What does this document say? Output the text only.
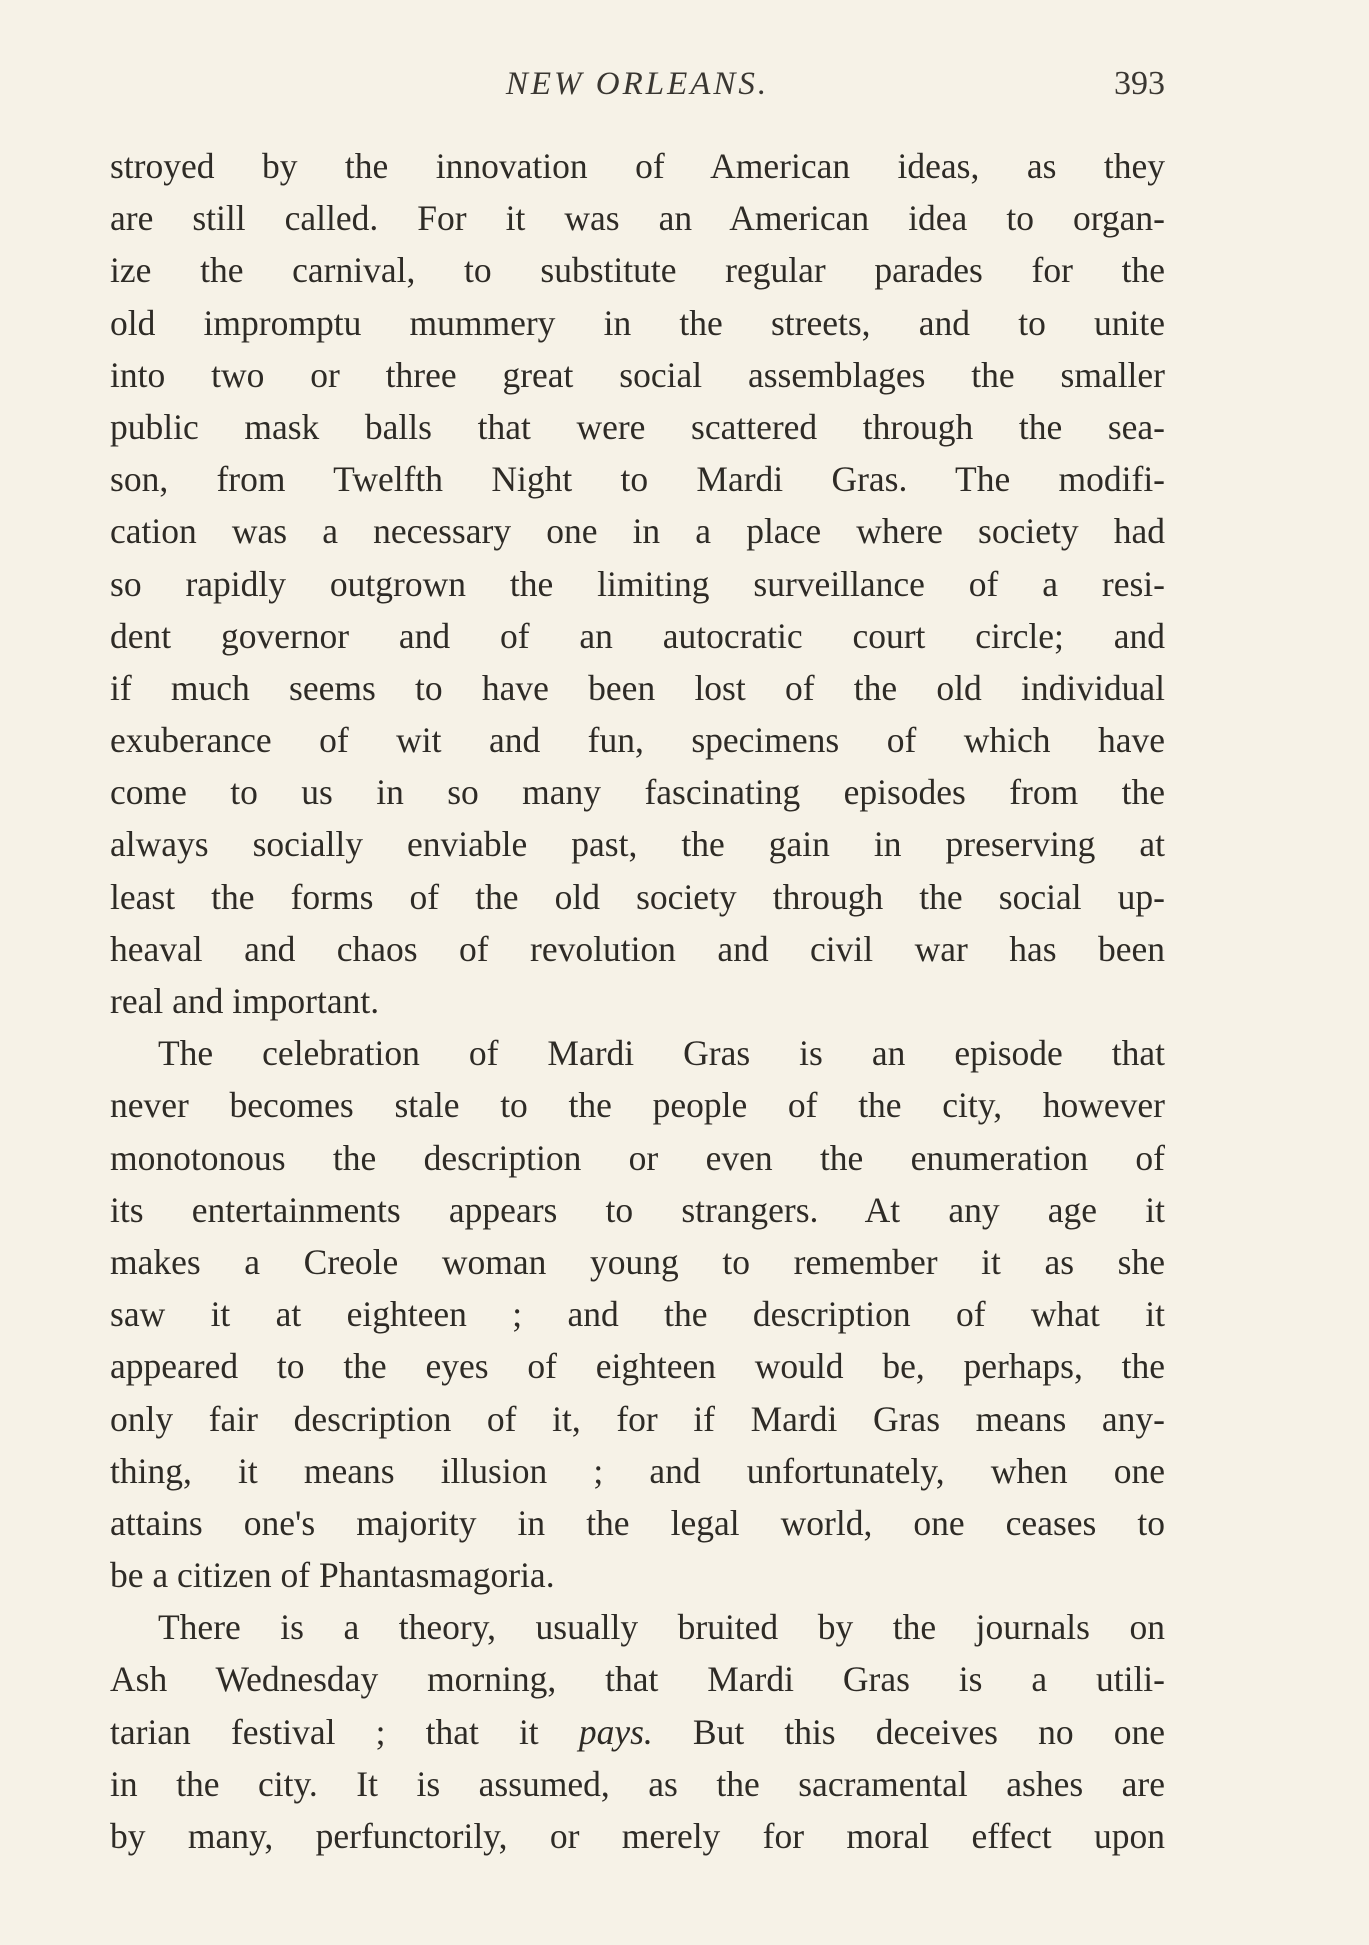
NEW ORLEANS.	393
stroyed by the innovation of American ideas, as they
are still called. For it was an American idea to organ-
ize the carnival, to substitute regular parades for the
old impromptu mummery in the streets, and to unite
into two or three great social assemblages the smaller
public mask balls that were scattered through the sea-
son, from Twelfth Night to Mardi Gras. The modifi-
cation was a necessary one in a place where society had
so rapidly outgrown the limiting surveillance of a resi-
dent governor and of an autocratic court circle; and
if much seems to have been lost of the old individual
exuberance of wit and fun, specimens of which have
come to us in so many fascinating episodes from the
always socially enviable past, the gain in preserving at
least the forms of the old society through the social up-
heaval and chaos of revolution and civil war has been
real and important.
The celebration of Mardi Gras is an episode that
never becomes stale to the people of the city, however
monotonous the description or even the enumeration of
its entertainments appears to strangers. At any age it
makes a Creole woman young to remember it as she
saw it at eighteen ; and the description of what it
appeared to the eyes of eighteen would be, perhaps, the
only fair description of it, for if Mardi Gras means any-
thing, it means illusion ; and unfortunately, when one
attains one's majority in the legal world, one ceases to
be a citizen of Phantasmagoria.
There is a theory, usually bruited by the journals on
Ash Wednesday morning, that Mardi Gras is a utili-
tarian festival ; that it pays. But this deceives no one
in the city. It is assumed, as the sacramental ashes are
by many, perfunctorily, or merely for moral effect upon
